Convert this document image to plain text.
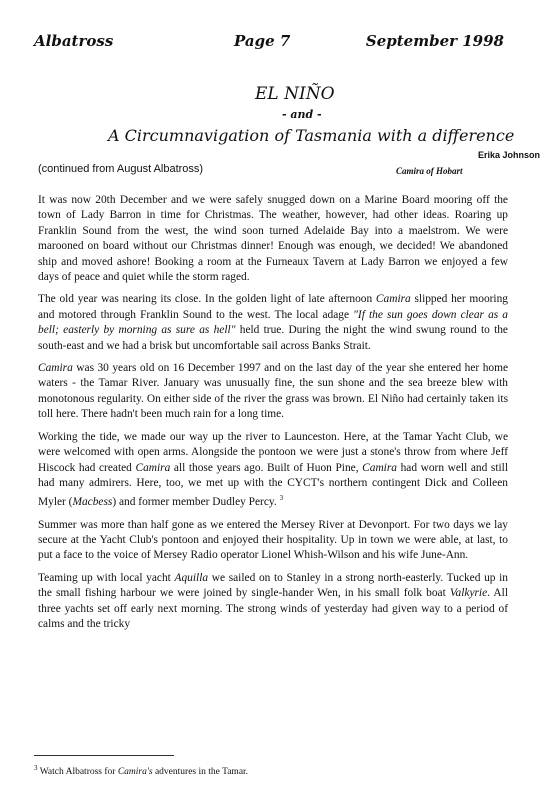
Albatross	Page 7	September 1998
EL NIÑO
- and -
A Circumnavigation of Tasmania with a difference
Erika Johnson
(continued from August Albatross)	Camira of Hobart

It was now 20th December and we were safely snugged down on a Marine Board mooring off the town of Lady Barron in time for Christmas. The weather, however, had other ideas. Roaring up Franklin Sound from the west, the wind soon turned Adelaide Bay into a maelstrom. We were marooned on board without our Christmas dinner! Enough was enough, we decided! We abandoned ship and moved ashore! Booking a room at the Furneaux Tavern at Lady Barron we enjoyed a few days of peace and quiet while the storm raged.

The old year was nearing its close. In the golden light of late afternoon Camira slipped her mooring and motored through Franklin Sound to the west. The local adage "If the sun goes down clear as a bell; easterly by morning as sure as hell" held true. During the night the wind swung round to the south-east and we had a brisk but uncomfortable sail across Banks Strait.

Camira was 30 years old on 16 December 1997 and on the last day of the year she entered her home waters - the Tamar River. January was unusually fine, the sun shone and the sea breeze blew with monotonous regularity. On either side of the river the grass was brown. El Niño had certainly taken its toll here. There hadn't been much rain for a long time.

Working the tide, we made our way up the river to Launceston. Here, at the Tamar Yacht Club, we were welcomed with open arms. Alongside the pontoon we were just a stone's throw from where Jeff Hiscock had created Camira all those years ago. Built of Huon Pine, Camira had worn well and still had many admirers. Here, too, we met up with the CYCT's northern contingent Dick and Colleen Myler (Macbess) and former member Dudley Percy. $^3$

Summer was more than half gone as we entered the Mersey River at Devonport. For two days we lay secure at the Yacht Club's pontoon and enjoyed their hospitality. Up in town we were able, at last, to put a face to the voice of Mersey Radio operator Lionel Whish-Wilson and his wife June-Ann.

Teaming up with local yacht Aquilla we sailed on to Stanley in a strong north-easterly. Tucked up in the small fishing harbour we were joined by single-hander Wen, in his small folk boat Valkyrie. All three yachts set off early next morning. The strong winds of yesterday had given way to a period of calms and the tricky

$^3$ Watch Albatross for Camira's adventures in the Tamar.
